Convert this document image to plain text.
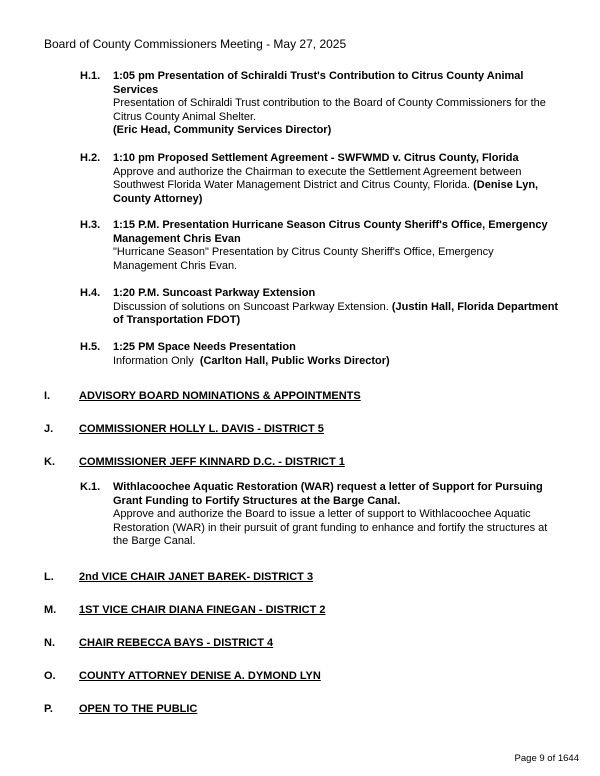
Board of County Commissioners Meeting - May 27, 2025
H.1. 1:05 pm Presentation of Schiraldi Trust's Contribution to Citrus County Animal Services
Presentation of Schiraldi Trust contribution to the Board of County Commissioners for the Citrus County Animal Shelter.
(Eric Head, Community Services Director)
H.2. 1:10 pm Proposed Settlement Agreement - SWFWMD v. Citrus County, Florida
Approve and authorize the Chairman to execute the Settlement Agreement between Southwest Florida Water Management District and Citrus County, Florida. (Denise Lyn, County Attorney)
H.3. 1:15 P.M. Presentation Hurricane Season Citrus County Sheriff's Office, Emergency Management Chris Evan
"Hurricane Season" Presentation by Citrus County Sheriff's Office, Emergency Management Chris Evan.
H.4. 1:20 P.M. Suncoast Parkway Extension
Discussion of solutions on Suncoast Parkway Extension. (Justin Hall, Florida Department of Transportation FDOT)
H.5. 1:25 PM Space Needs Presentation
Information Only (Carlton Hall, Public Works Director)
I.	ADVISORY BOARD NOMINATIONS & APPOINTMENTS
J. COMMISSIONER HOLLY L. DAVIS - DISTRICT 5
K. COMMISSIONER JEFF KINNARD D.C. - DISTRICT 1
K.1. Withlacoochee Aquatic Restoration (WAR) request a letter of Support for Pursuing Grant Funding to Fortify Structures at the Barge Canal.
Approve and authorize the Board to issue a letter of support to Withlacoochee Aquatic Restoration (WAR) in their pursuit of grant funding to enhance and fortify the structures at the Barge Canal.
L. 2nd VICE CHAIR JANET BAREK- DISTRICT 3
M. 1ST VICE CHAIR DIANA FINEGAN - DISTRICT 2
N. CHAIR REBECCA BAYS - DISTRICT 4
O. COUNTY ATTORNEY DENISE A. DYMOND LYN
P. OPEN TO THE PUBLIC
Page 9 of 1644
